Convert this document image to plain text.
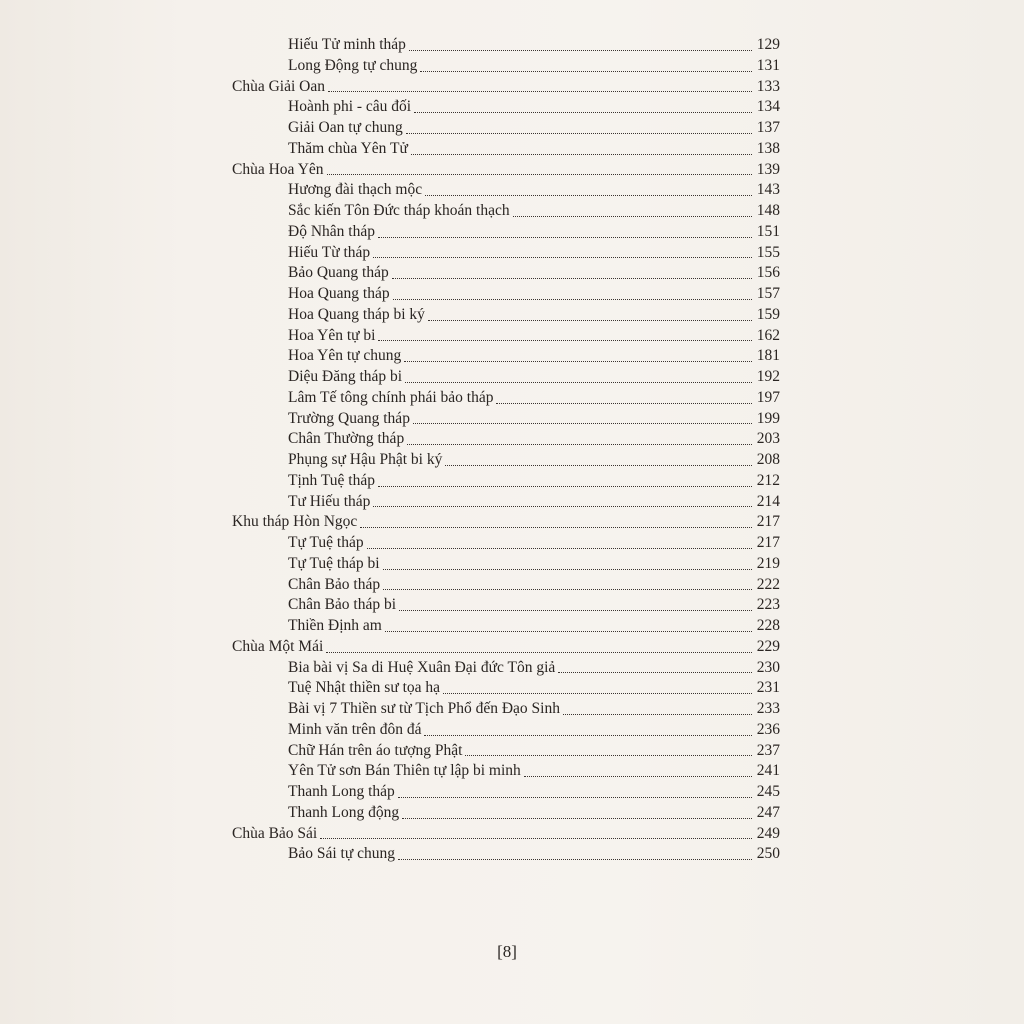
Hiếu Tử minh tháp	129
Long Động tự chung	131
Chùa Giải Oan	133
Hoành phi - câu đối	134
Giải Oan tự chung	137
Thăm chùa Yên Tử	138
Chùa Hoa Yên	139
Hương đài thạch mộc	143
Sắc kiến Tôn Đức tháp khoán thạch	148
Độ Nhân tháp	151
Hiếu Từ tháp	155
Bảo Quang tháp	156
Hoa Quang tháp	157
Hoa Quang tháp bi ký	159
Hoa Yên tự bi	162
Hoa Yên tự chung	181
Diệu Đăng tháp bi	192
Lâm Tế tông chính phái bảo tháp	197
Trường Quang tháp	199
Chân Thường tháp	203
Phụng sự Hậu Phật bi ký	208
Tịnh Tuệ tháp	212
Tư Hiếu tháp	214
Khu tháp Hòn Ngọc	217
Tự Tuệ tháp	217
Tự Tuệ tháp bi	219
Chân Bảo tháp	222
Chân Bảo tháp bi	223
Thiền Định am	228
Chùa Một Mái	229
Bia bài vị Sa di Huệ Xuân Đại đức Tôn giả	230
Tuệ Nhật thiền sư tọa hạ	231
Bài vị 7 Thiền sư từ Tịch Phổ đến Đạo Sinh	233
Minh văn trên đôn đá	236
Chữ Hán trên áo tượng Phật	237
Yên Tử sơn Bán Thiên tự lập bi minh	241
Thanh Long tháp	245
Thanh Long động	247
Chùa Bảo Sái	249
Bảo Sái tự chung	250
[8]
